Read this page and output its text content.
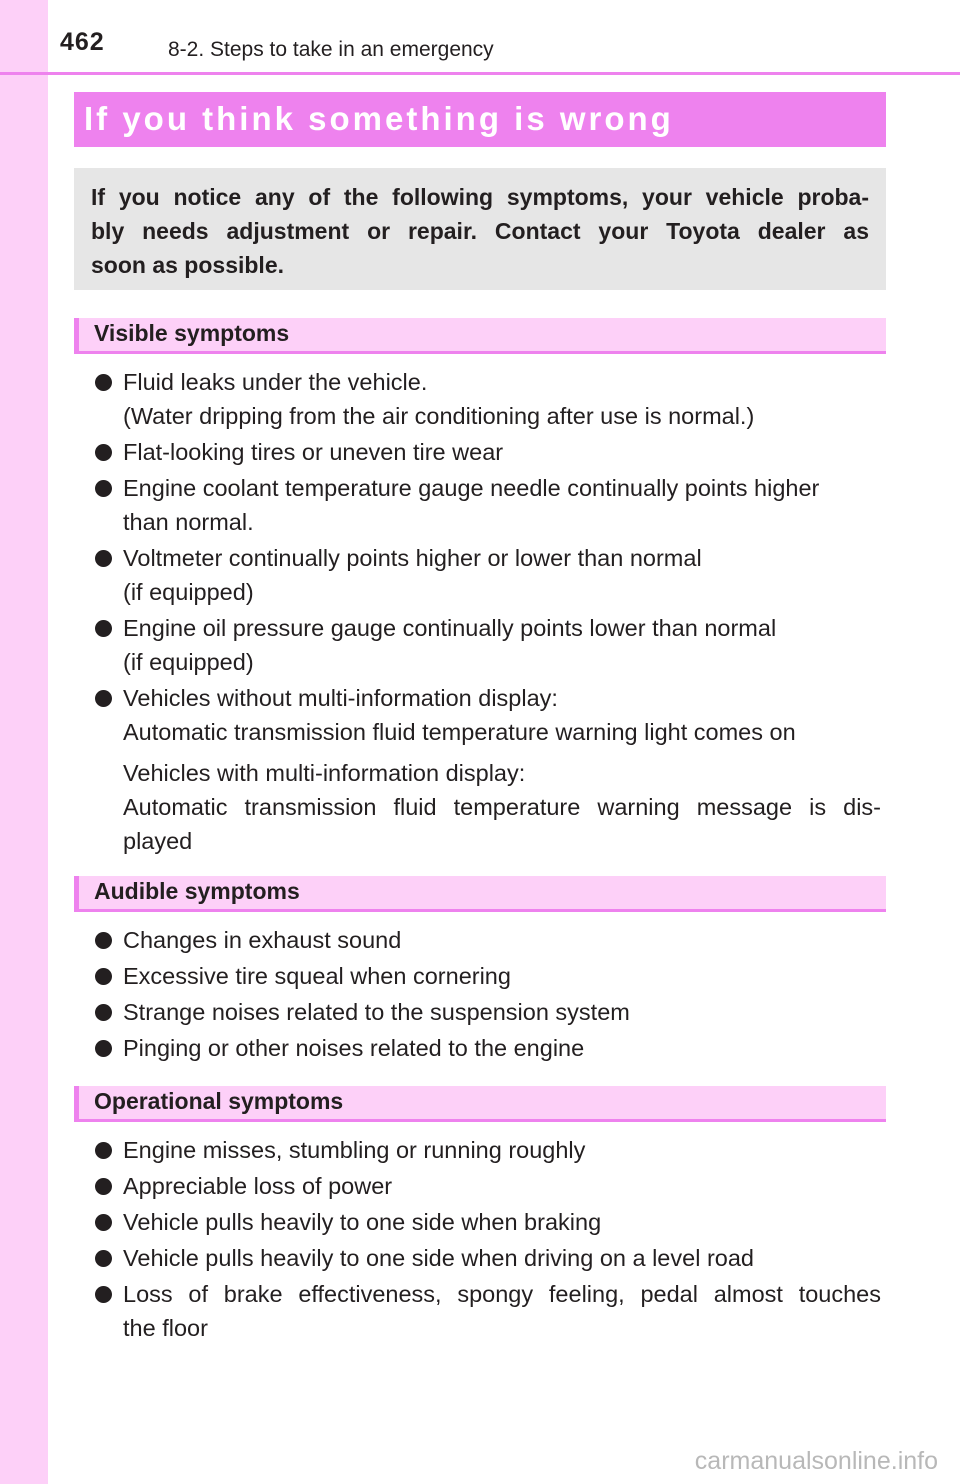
462	8-2. Steps to take in an emergency
If you think something is wrong
If you notice any of the following symptoms, your vehicle proba-
bly needs adjustment or repair. Contact your Toyota dealer as
soon as possible.
Visible symptoms
Fluid leaks under the vehicle.
(Water dripping from the air conditioning after use is normal.)
Flat-looking tires or uneven tire wear
Engine coolant temperature gauge needle continually points higher
than normal.
Voltmeter continually points higher or lower than normal
(if equipped)
Engine oil pressure gauge continually points lower than normal
(if equipped)
Vehicles without multi-information display:
Automatic transmission fluid temperature warning light comes on
Vehicles with multi-information display:
Automatic transmission fluid temperature warning message is dis-
played
Audible symptoms
Changes in exhaust sound
Excessive tire squeal when cornering
Strange noises related to the suspension system
Pinging or other noises related to the engine
Operational symptoms
Engine misses, stumbling or running roughly
Appreciable loss of power
Vehicle pulls heavily to one side when braking
Vehicle pulls heavily to one side when driving on a level road
Loss of brake effectiveness, spongy feeling, pedal almost touches
the floor
carmanualsonline.info
